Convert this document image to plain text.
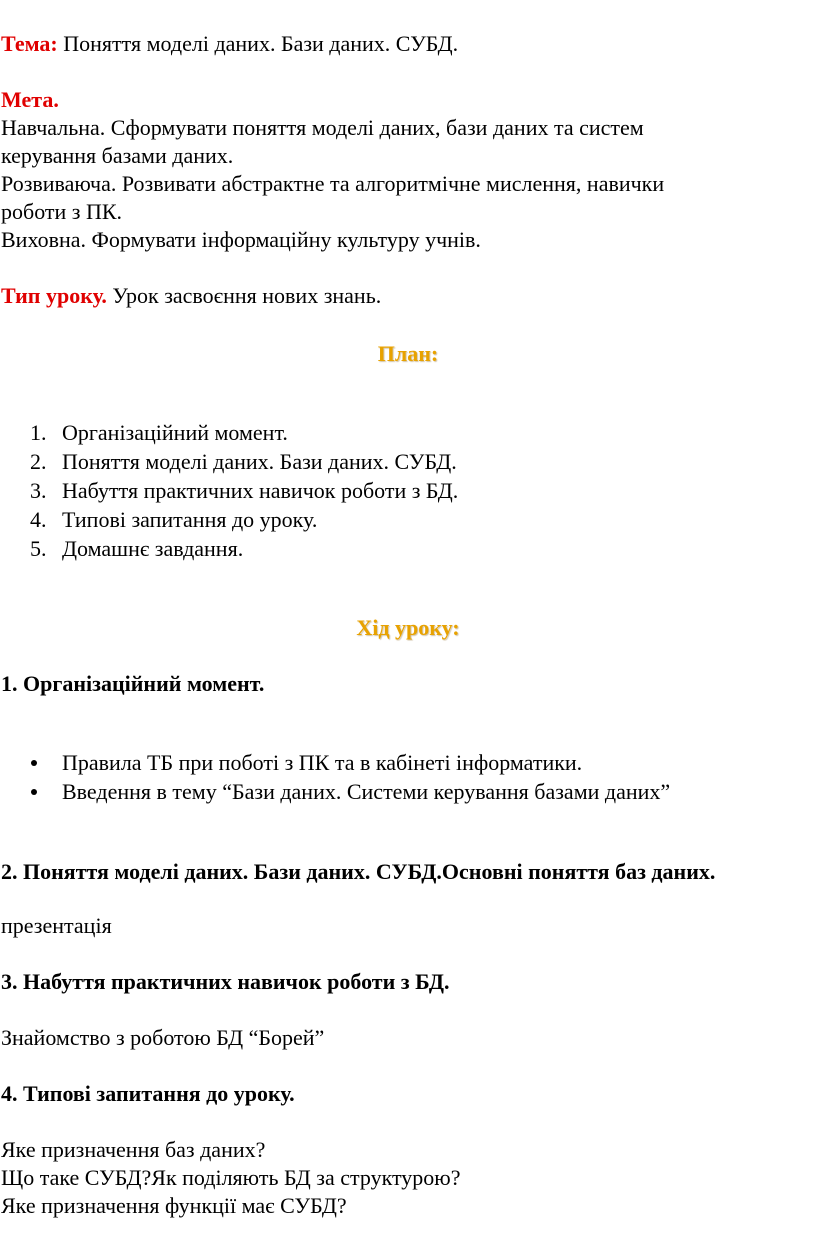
Тема: Поняття моделі даних. Бази даних. СУБД.
Мета.
Навчальна. Сформувати поняття моделі даних, бази даних та систем
керування базами даних.
Розвиваюча. Розвивати абстрактне та алгоритмічне мислення, навички
роботи з ПК.
Виховна. Формувати інформаційну культуру учнів.
Тип уроку. Урок засвоєння нових знань.
План:
1. Організаційний момент.
2. Поняття моделі даних. Бази даних. СУБД.
3. Набуття практичних навичок роботи з БД.
4. Типові запитання до уроку.
5. Домашнє завдання.
Хід уроку:
1. Організаційний момент.
Правила ТБ при поботі з ПК та в кабінеті інформатики.
Введення в тему “Бази даних. Системи керування базами даних”
2. Поняття моделі даних. Бази даних. СУБД.Основні поняття баз даних.
презентація
3. Набуття практичних навичок роботи з БД.
Знайомство з роботою БД “Борей”
4. Типові запитання до уроку.
Яке призначення баз даних?
Що таке СУБД?Як поділяють БД за структурою?
Яке призначення функції має СУБД?
